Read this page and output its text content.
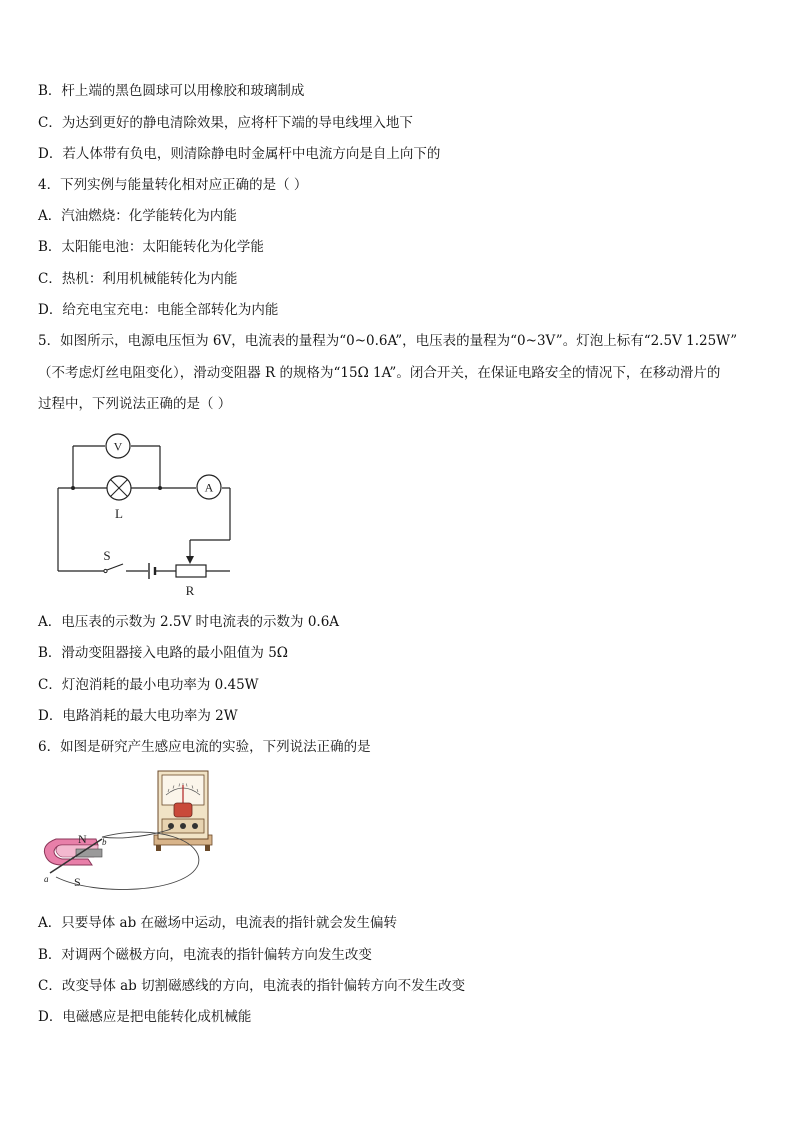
B．杆上端的黑色圆球可以用橡胶和玻璃制成
C．为达到更好的静电清除效果，应将杆下端的导电线埋入地下
D．若人体带有负电，则清除静电时金属杆中电流方向是自上向下的
4．下列实例与能量转化相对应正确的是（ ）
A．汽油燃烧：化学能转化为内能
B．太阳能电池：太阳能转化为化学能
C．热机：利用机械能转化为内能
D．给充电宝充电：电能全部转化为内能
5．如图所示，电源电压恒为 6V，电流表的量程为“0~0.6A”，电压表的量程为“0~3V”。灯泡上标有“2.5V 1.25W”
（不考虑灯丝电阻变化），滑动变阻器 R 的规格为“15Ω 1A”。闭合开关，在保证电路安全的情况下，在移动滑片的
过程中，下列说法正确的是（ ）
V
A
L
S
R
A．电压表的示数为 2.5V 时电流表的示数为 0.6A
B．滑动变阻器接入电路的最小阻值为 5Ω
C．灯泡消耗的最小电功率为 0.45W
D．电路消耗的最大电功率为 2W
6．如图是研究产生感应电流的实验，下列说法正确的是
N
S
a
b
A．只要导体 ab 在磁场中运动，电流表的指针就会发生偏转
B．对调两个磁极方向，电流表的指针偏转方向发生改变
C．改变导体 ab 切割磁感线的方向，电流表的指针偏转方向不发生改变
D．电磁感应是把电能转化成机械能
